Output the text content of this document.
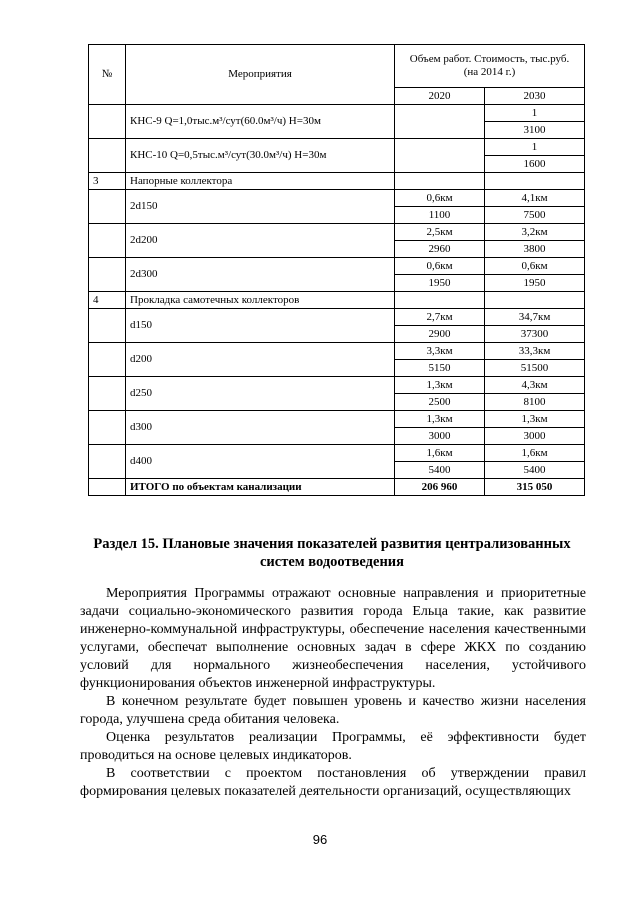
№	Мероприятия	Объем работ. Стоимость, тыс.руб.
(на 2014 г.)	
		2020	2030
	КНС-9 Q=1,0тыс.м³/сут(60.0м³/ч) Н=30м		1
			3100
	КНС-10 Q=0,5тыс.м³/сут(30.0м³/ч) Н=30м		1
			1600
3	Напорные коллектора		
	2d150	0,6км	4,1км
		1100	7500
	2d200	2,5км	3,2км
		2960	3800
	2d300	0,6км	0,6км
		1950	1950
4	Прокладка самотечных коллекторов		
	d150	2,7км	34,7км
		2900	37300
	d200	3,3км	33,3км
		5150	51500
	d250	1,3км	4,3км
		2500	8100
	d300	1,3км	1,3км
		3000	3000
	d400	1,6км	1,6км
		5400	5400
	ИТОГО по объектам канализации	206 960	315 050
Раздел 15. Плановые значения показателей развития централизованных систем водоотведения

Мероприятия Программы отражают основные направления и приоритетные задачи социально-экономического развития города Ельца такие, как развитие инженерно-коммунальной инфраструктуры, обеспечение населения качественными услугами, обеспечат выполнение основных задач в сфере ЖКХ по созданию условий для нормального жизнеобеспечения населения, устойчивого функционирования объектов инженерной инфраструктуры.

В конечном результате будет повышен уровень и качество жизни населения города, улучшена среда обитания человека.

Оценка результатов реализации Программы, её эффективности будет проводиться на основе целевых индикаторов.

В соответствии с проектом постановления об утверждении правил формирования целевых показателей деятельности организаций, осуществляющих

96
